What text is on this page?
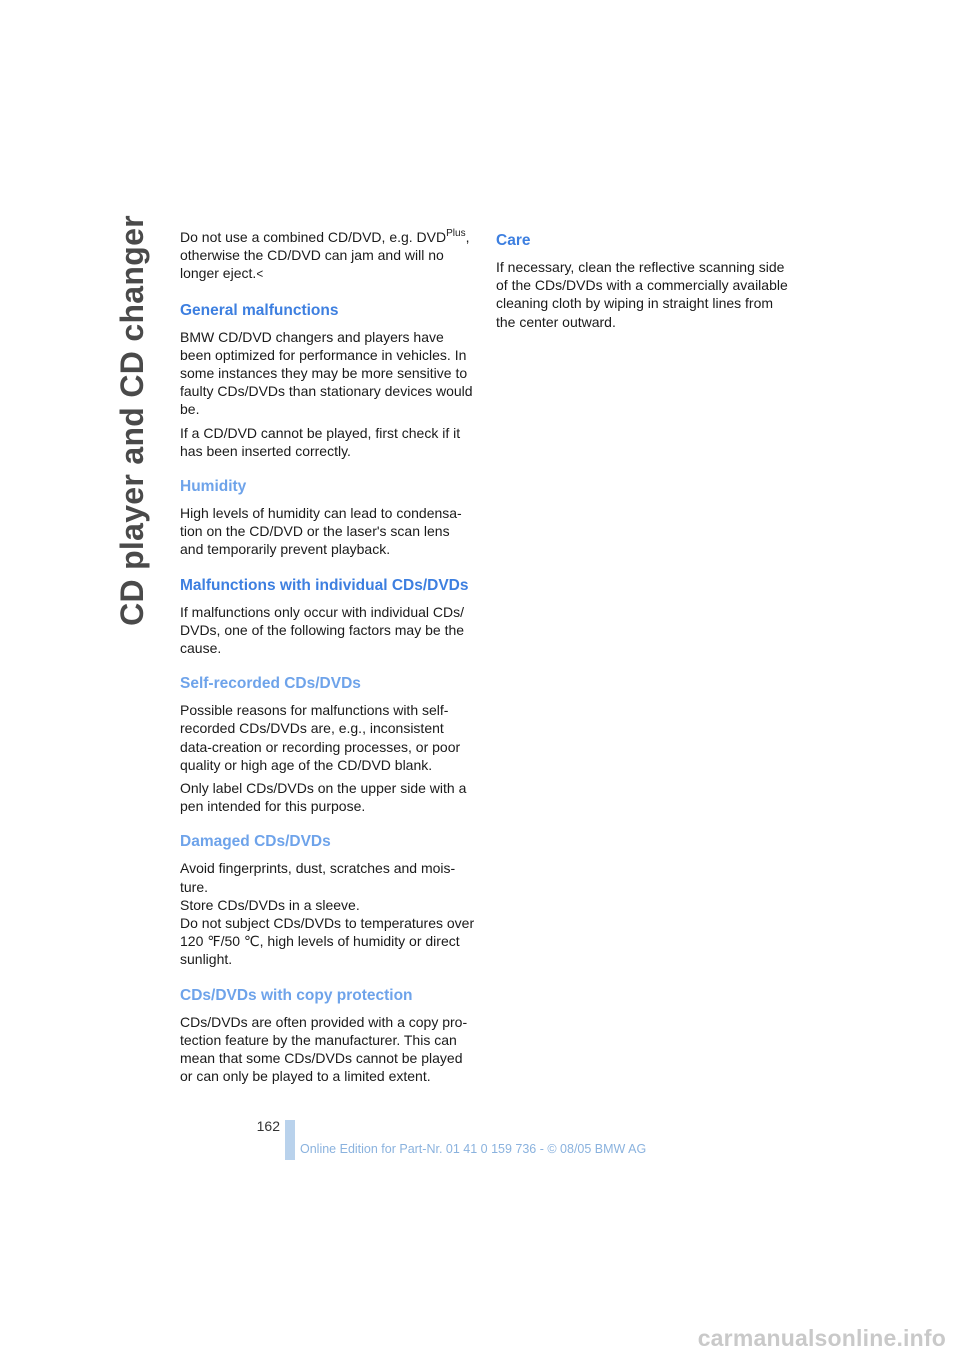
CD player and CD changer Do not use a combined CD/DVD, e.g. $DVD^{Plus}$, otherwise the CD/DVD can jam and will no longer eject.<

General malfunctions

BMW CD/DVD changers and players have been optimized for performance in vehicles. In some instances they may be more sensitive to faulty CDs/DVDs than stationary devices would be.

If a CD/DVD cannot be played, first check if it has been inserted correctly.

Humidity

High levels of humidity can lead to condensa-tion on the CD/DVD or the laser's scan lens and temporarily prevent playback.

Malfunctions with individual CDs/DVDs

If malfunctions only occur with individual CDs/ DVDs, one of the following factors may be the cause.

Self-recorded CDs/DVDs

Possible reasons for malfunctions with self-recorded CDs/DVDs are, e.g., inconsistent data-creation or recording processes, or poor quality or high age of the CD/DVD blank.

Only label CDs/DVDs on the upper side with a pen intended for this purpose.

Damaged CDs/DVDs

Avoid fingerprints, dust, scratches and mois-ture.
Store CDs/DVDs in a sleeve.
Do not subject CDs/DVDs to temperatures over 120 ℉/50 ℃, high levels of humidity or direct sunlight.

CDs/DVDs with copy protection

CDs/DVDs are often provided with a copy pro-tection feature by the manufacturer. This can mean that some CDs/DVDs cannot be played or can only be played to a limited extent.

Care

If necessary, clean the reflective scanning side of the CDs/DVDs with a commercially available cleaning cloth by wiping in straight lines from the center outward.

162
Online Edition for Part-Nr. 01 41 0 159 736 - © 08/05 BMW AG
carmanualsonline.info
